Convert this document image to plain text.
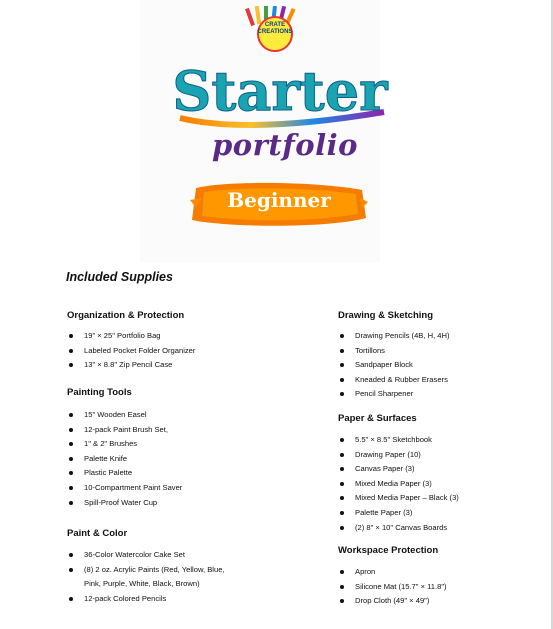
CRATE CREATIONS
Starter
portfolio
Beginner
Included Supplies
Organization & Protection
19" × 25" Portfolio Bag
Labeled Pocket Folder Organizer
13" × 8.8" Zip Pencil Case
Painting Tools
15" Wooden Easel
12-pack Paint Brush Set,
1" & 2" Brushes
Palette Knife
Plastic Palette
10-Compartment Paint Saver
Spill-Proof Water Cup
Paint & Color
36-Color Watercolor Cake Set
(8) 2 oz. Acrylic Paints (Red, Yellow, Blue,
Pink, Purple, White, Black, Brown)
12-pack Colored Pencils
Drawing & Sketching
Drawing Pencils (4B, H, 4H)
Tortillons
Sandpaper Block
Kneaded & Rubber Erasers
Pencil Sharpener
Paper & Surfaces
5.5" × 8.5" Sketchbook
Drawing Paper (10)
Canvas Paper (3)
Mixed Media Paper (3)
Mixed Media Paper – Black (3)
Palette Paper (3)
(2) 8" × 10" Canvas Boards
Workspace Protection
Apron
Silicone Mat (15.7" × 11.8")
Drop Cloth (49" × 49")
